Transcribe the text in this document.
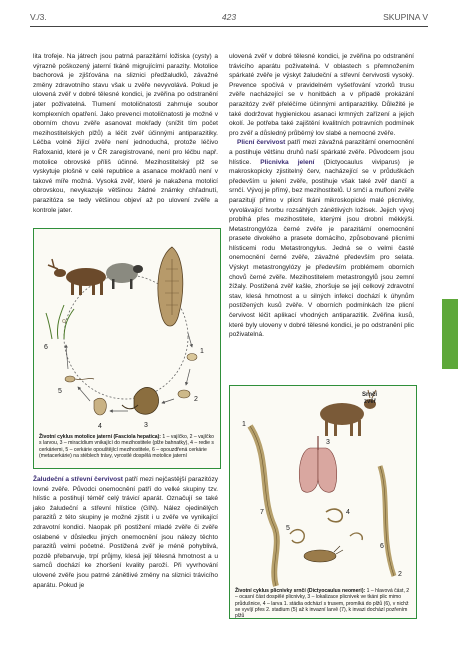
V./3.	423	SKUPINA V

lita trofeje. Na játrech jsou patrná parazitární ložiska (cysty) a výrazně poškozený jaterní tkáně migrujícími parazity. Motolice bachorová je zjišťována na sliznici předžaludků, závažné změny zdravotního stavu však u zvěře nevyvolává. Pokud je ulovená zvěř v dobré tělesné kondici, je zvěřina po odstranění jater poživatelná. Tlumení motoličnatosti zahrnuje soubor komplexních opatření. Jako prevenci motoličnatosti je možné v oborním chovu zvěře asanovat mokřady (snížit tím počet mezihostitelských plžů) a léčit zvěř účinnými antiparazitiky. Léčba volně žijící zvěře není jednoduchá, protože léčivo Rafoxanid, které je v ČR zaregistrované, není pro léčbu např. motolice obrovské příliš účinné. Mezihostitelský plž se vyskytuje plošně v celé republice a asanace mokřadů není v takové míře možná. Vysoká zvěř, které je nakažena motolicí obrovskou, nevykazuje většinou žádné známky chřadnutí, parazitóza se tedy většinou objeví až po ulovení zvěře a kontrole jater.

1
2
3
4
5
6
Životní cyklus motolice jaterní (Fasciola hepatica): 1 – vajíčko, 2 – vajíčko s larvou, 3 – miracídium vnikající do mezihostitele (plže bahnatky), 4 – redie s cerkáriemi, 5 – cerkárie opouštějící mezihostitele, 6 – opouzdřená cerkárie (metacerkárie) na stéblech trávy, vyrostlé dospělá motolice jaterní

Žaludeční a střevní červivost patří mezi nejčastější parazitózy lovné zvěře. Původci onemocnění patří do velké skupiny tzv. hlístic a postihují téměř celý trávicí aparát. Označují se také jako žaludeční a střevní hlístice (GIN). Nález ojedinělých parazitů z této skupiny je možné zjistit i u zvěře ve vynikající zdravotní kondici. Naopak při postižení mladé zvěře či zvěře oslabené v důsledku jiných onemocnění jsou nálezy těchto parazitů velmi početné. Postižená zvěř je méně pohyblivá, pozdě přebarvuje, trpí průjmy, klesá její tělesná hmotnost a u samců dochází ke zhoršení kvality paroží. Při vyvrhování ulovené zvěře jsou patrné zánětlivé změny na sliznici trávicího aparátu. Pokud je

ulovená zvěř v dobré tělesné kondici, je zvěřina po odstranění trávicího aparátu poživatelná. V oblastech s přemnožením spárkaté zvěře je výskyt žaludeční a střevní červivosti vysoký. Prevence spočívá v pravidelném vyšetřování vzorků trusu zvěře nacházející se v honitbách a v případě prokázání parazitózy zvěř přeléčíme účinnými antiparazitiky. Důležité je také dodržovat hygienickou asanaci krmných zařízení a jejich okolí. Je potřeba také zajištění kvalitních potravních podmínek pro zvěř a důsledný průběrný lov slabé a nemocné zvěře.

Plicní červivost patří mezi závažná parazitární onemocnění a postihuje většinu druhů naší spárkaté zvěře. Původcem jsou hlístice. Plicnivka jelení (Dictyocaulus viviparus) je makroskopicky zjistitelný červ, nacházející se v průduškách především u jelení zvěře, postihuje však také zvěř dančí a srnčí. Vývoj je přímý, bez mezihostitelů. U srnčí a mufloní zvěře parazitují přímo v plicní tkáni mikroskopické malé plicnivky, vyvolávající tvorbu rozsáhlých zánětlivých ložisek. Jejich vývoj probíhá přes mezihostitele, kterými jsou drobní měkkýši. Metastrongylóza černé zvěře je parazitární onemocnění prasete divokého a prasete domácího, způsobované plicními hlísticemi rodu Metastrongylus. Jedná se o velmi časté onemocnění černé zvěře, závažné především pro selata. Výskyt metastrongylózy je především problémem oborních chovů černé zvěře. Mezihostitelem metastrongylů jsou zemní žížaly. Postižená zvěř kašle, zhoršuje se její celkový zdravotní stav, klesá hmotnost a u silných infekcí dochází k úhynům postižených kusů zvěře. V oborních podmínkách lze plicní červivost léčit aplikací vhodných antiparazitik. Zvěřina kusů, které byly uloveny v dobré tělesné kondici, je po odstranění plic poživatelná.

Srnčí zvěř
1
2
3
4
5
6
7
Životní cyklus plicnivky srnčí (Dictyocaulus neomeri): 1 – hlavová část, 2 – ocasní část dospělé plicnivky, 3 – lokalizace plicnivek ve tkáni plic mimo průdušnice, 4 – larva 1. stádia odchází s trusem, promíká do plžů (6), v nichž se vyvíjí přes 2. stadium (5) až k invazní larvě (7), k invazi dochází pozřením plžů
